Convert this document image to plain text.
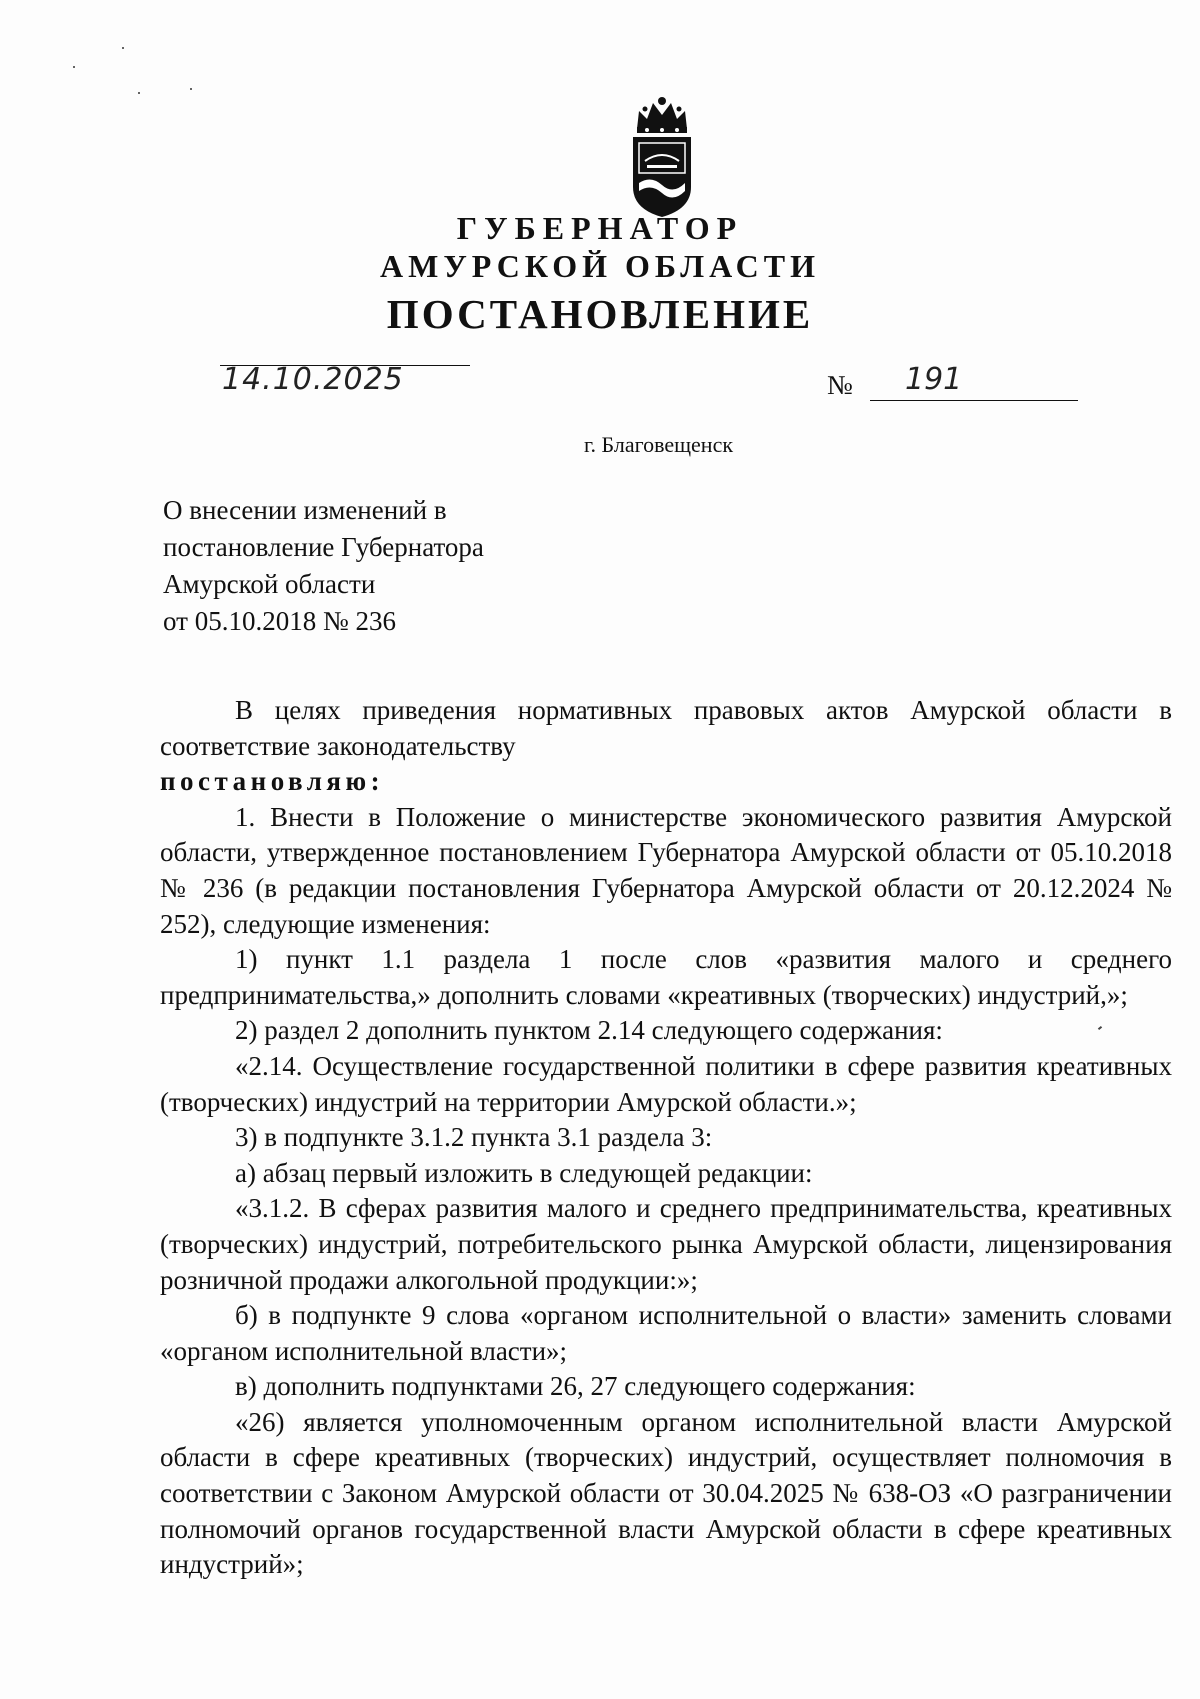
ГУБЕРНАТОР
АМУРСКОЙ ОБЛАСТИ
ПОСТАНОВЛЕНИЕ
14.10.2025	№ 191
г. Благовещенск
О внесении изменений в
постановление Губернатора
Амурской области
от 05.10.2018 № 236

В целях приведения нормативных правовых актов Амурской области в соответствие законодательству

постановляю:

1. Внести в Положение о министерстве экономического развития Амурской области, утвержденное постановлением Губернатора Амурской области от 05.10.2018 № 236 (в редакции постановления Губернатора Амурской области от 20.12.2024 № 252), следующие изменения:

1) пункт 1.1 раздела 1 после слов «развития малого и среднего предпринимательства,» дополнить словами «креативных (творческих) индустрий,»;

2) раздел 2 дополнить пунктом 2.14 следующего содержания:

«2.14. Осуществление государственной политики в сфере развития креативных (творческих) индустрий на территории Амурской области.»;

3) в подпункте 3.1.2 пункта 3.1 раздела 3:

а) абзац первый изложить в следующей редакции:

«3.1.2. В сферах развития малого и среднего предпринимательства, креативных (творческих) индустрий, потребительского рынка Амурской области, лицензирования розничной продажи алкогольной продукции:»;

б) в подпункте 9 слова «органом исполнительной о власти» заменить словами «органом исполнительной власти»;

в) дополнить подпунктами 26, 27 следующего содержания:

«26) является уполномоченным органом исполнительной власти Амурской области в сфере креативных (творческих) индустрий, осуществляет полномочия в соответствии с Законом Амурской области от 30.04.2025 № 638-ОЗ «О разграничении полномочий органов государственной власти Амурской области в сфере креативных индустрий»;
